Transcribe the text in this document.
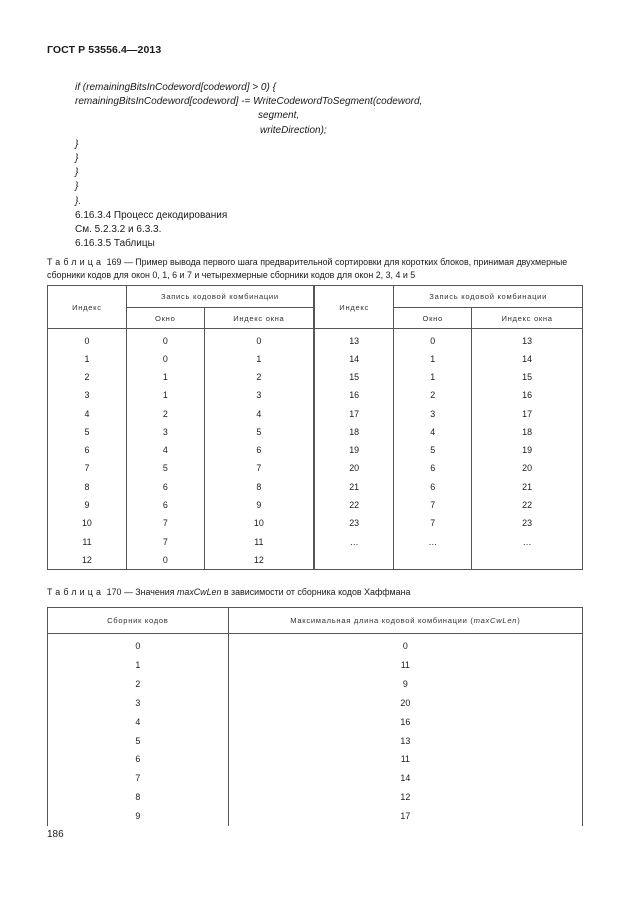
ГОСТ Р 53556.4—2013
if (remainingBitsInCodeword[codeword] > 0) {
remainingBitsInCodeword[codeword] -= WriteCodewordToSegment(codeword,
segment,
writeDirection);
}
}
}
}
}.
6.16.3.4 Процесс декодирования
См. 5.2.3.2 и 6.3.3.
6.16.3.5 Таблицы
Таблица 169 — Пример вывода первого шага предварительной сортировки для коротких блоков, принимая двухмерные сборники кодов для окон 0, 1, 6 и 7 и четырехмерные сборники кодов для окон 2, 3, 4 и 5
Индекс	Запись кодовой комбинации		Индекс	Запись кодовой комбинации	
	Окно	Индекс окна		Окно	Индекс окна
0	0	0	13	0	13
1	0	1	14	1	14
2	1	2	15	1	15
3	1	3	16	2	16
4	2	4	17	3	17
5	3	5	18	4	18
6	4	6	19	5	19
7	5	7	20	6	20
8	6	8	21	6	21
9	6	9	22	7	22
10	7	10	23	7	23
11	7	11	…	…	…
12	0	12			
Таблица 170 — Значения maxCwLen в зависимости от сборника кодов Хаффмана
Сборник кодов	Максимальная длина кодовой комбинации (maxCwLen)
0	0
1	11
2	9
3	20
4	16
5	13
6	11
7	14
8	12
9	17
186
